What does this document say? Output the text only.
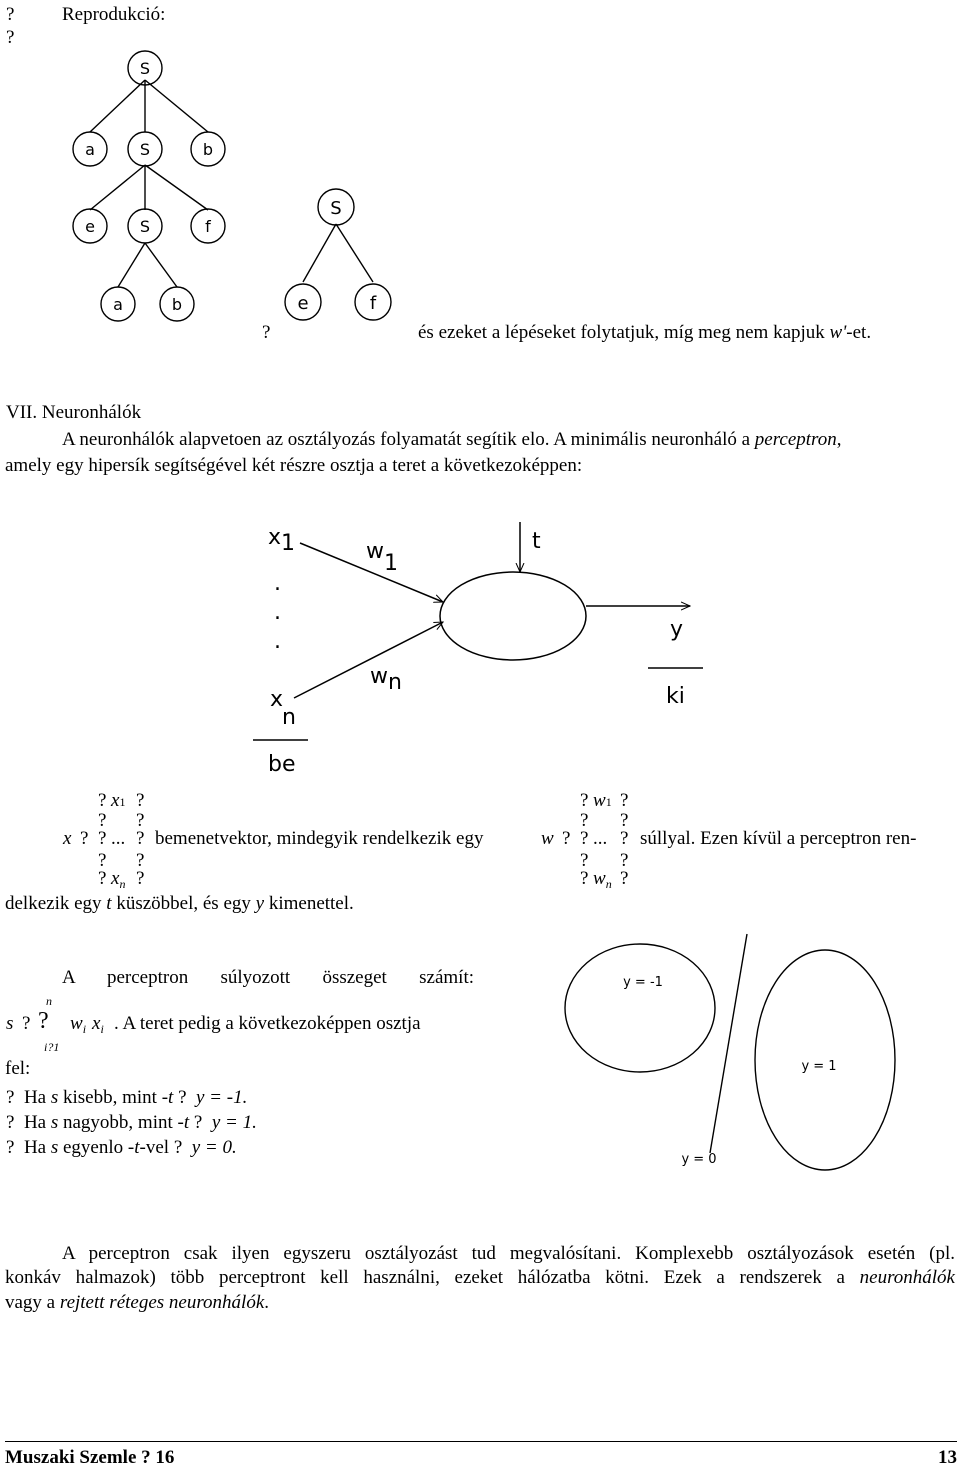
?	Reprodukció:
?
S
a	S	b
e	S	f
a	b
S
e	f
?	és ezeket a lépéseket folytatjuk, míg meg nem kapjuk w'-et.
VII. Neuronhálók
A neuronhálók alapvetoen az osztályozás folyamatát segítik elo. A minimális neuronháló a perceptron,
amely egy hipersík segítségével két részre osztja a teret a következoképpen:
x1	w1
.
.
.
x n
wn
t
y
ki
be
? x1 ?
? ?
x ? ? ... ? bemenetvektor, mindegyik rendelkezik egy
? ?
? $x_n$ ?
? w1 ?
? ?
w ? ? ... ? súllyal. Ezen kívül a perceptron ren-
? ?
? $w_n$ ?
delkezik egy t küszöbbel, és egy y kimenettel.
A perceptron súlyozott összeget számít:
n
s ? ? $w_i$ $x_i$ . A teret pedig a következoképpen osztja
i?1
fel:
? Ha s kisebb, mint -t ? y = -1.
? Ha s nagyobb, mint -t ? y = 1.
? Ha s egyenlo -t-vel ? y = 0.
y = -1
y = 1
y = 0
A perceptron csak ilyen egyszeru osztályozást tud megvalósítani. Komplexebb osztályozások esetén (pl.
konkáv halmazok) több perceptront kell használni, ezeket hálózatba kötni. Ezek a rendszerek a neuronhálók
vagy a rejtett réteges neuronhálók.
Muszaki Szemle ? 16	13
